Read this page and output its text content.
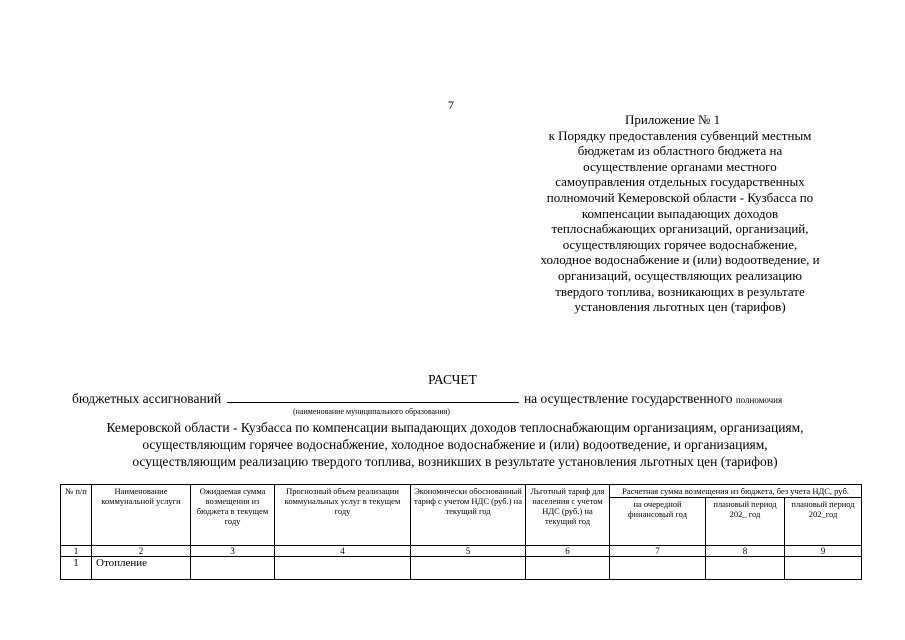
7
Приложение № 1
к Порядку предоставления субвенций местным
бюджетам из областного бюджета на
осуществление органами местного
самоуправления отдельных государственных
полномочий Кемеровской области - Кузбасса по
компенсации выпадающих доходов
теплоснабжающих организаций, организаций,
осуществляющих горячее водоснабжение,
холодное водоснабжение и (или) водоотведение, и
организаций, осуществляющих реализацию
твердого топлива, возникающих в результате
установления льготных цен (тарифов)
РАСЧЕТ
бюджетных ассигнований	на осуществление государственного полномочия
(наименование муниципального образования)
Кемеровской области - Кузбасса по компенсации выпадающих доходов теплоснабжающим организациям, организациям,
осуществляющим горячее водоснабжение, холодное водоснабжение и (или) водоотведение, и организациям,
осуществляющим реализацию твердого топлива, возникших в результате установления льготных цен (тарифов)
№ п/п	Наименование коммунальной услуги	Ожидаемая сумма возмещения из бюджета в текущем году	Прогнозный объем реализации коммунальных услуг в текущем году	Экономически обоснованный тариф с учетом НДС (руб.) на текущий год	Льготный тариф для населения с учетом НДС (руб.) на текущий год	Расчетная сумма возмещения из бюджета, без учета НДС, руб.		
						на очередной финансовый год	плановый период 202_ год	плановый период 202_год
1	2	3	4	5	6	7	8	9
1	Отопление							
